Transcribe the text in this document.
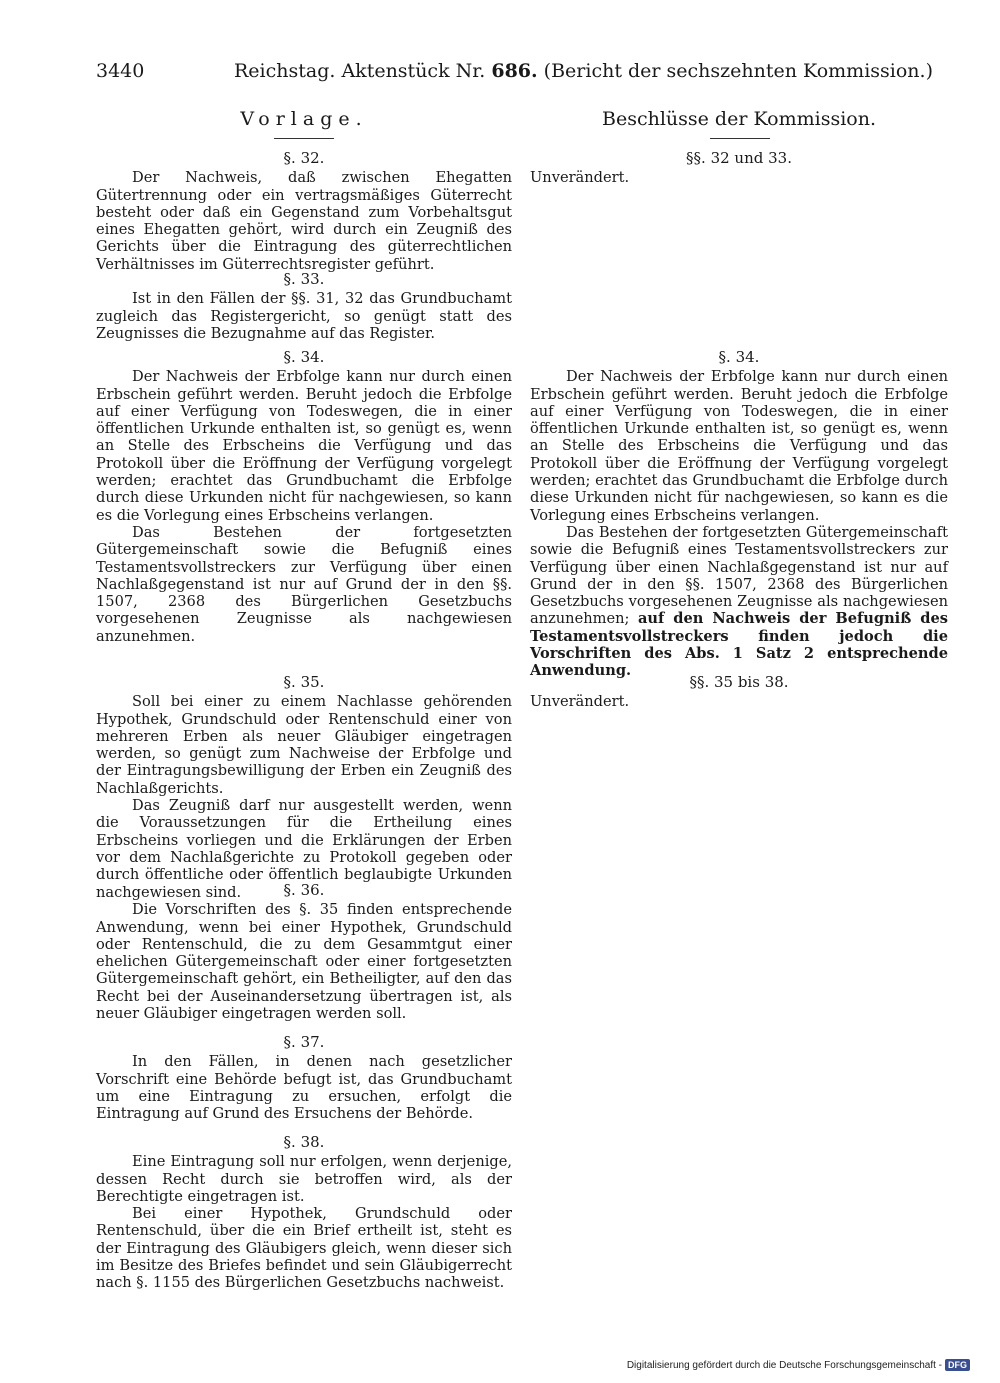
3440	Reichstag. Aktenstück Nr. 686. (Bericht der sechszehnten Kommission.)
Vorlage.	Beschlüsse der Kommission.
§. 32.

Der Nachweis, daß zwischen Ehegatten Gütertrennung oder ein vertragsmäßiges Güterrecht besteht oder daß ein Gegenstand zum Vorbehaltsgut eines Ehegatten gehört, wird durch ein Zeugniß des Gerichts über die Eintragung des güterrechtlichen Verhältnisses im Güterrechtsregister geführt.

§. 33.

Ist in den Fällen der §§. 31, 32 das Grundbuchamt zugleich das Registergericht, so genügt statt des Zeugnisses die Bezugnahme auf das Register.

§. 34.

Der Nachweis der Erbfolge kann nur durch einen Erbschein geführt werden. Beruht jedoch die Erbfolge auf einer Verfügung von Todeswegen, die in einer öffentlichen Urkunde enthalten ist, so genügt es, wenn an Stelle des Erbscheins die Verfügung und das Protokoll über die Eröffnung der Verfügung vorgelegt werden; erachtet das Grundbuchamt die Erbfolge durch diese Urkunden nicht für nachgewiesen, so kann es die Vorlegung eines Erbscheins verlangen.

Das Bestehen der fortgesetzten Gütergemeinschaft sowie die Befugniß eines Testamentsvollstreckers zur Verfügung über einen Nachlaßgegenstand ist nur auf Grund der in den §§. 1507, 2368 des Bürgerlichen Gesetzbuchs vorgesehenen Zeugnisse als nachgewiesen anzunehmen.

§. 35.

Soll bei einer zu einem Nachlasse gehörenden Hypothek, Grundschuld oder Rentenschuld einer von mehreren Erben als neuer Gläubiger eingetragen werden, so genügt zum Nachweise der Erbfolge und der Eintragungsbewilligung der Erben ein Zeugniß des Nachlaßgerichts.

Das Zeugniß darf nur ausgestellt werden, wenn die Voraussetzungen für die Ertheilung eines Erbscheins vorliegen und die Erklärungen der Erben vor dem Nachlaßgerichte zu Protokoll gegeben oder durch öffentliche oder öffentlich beglaubigte Urkunden nachgewiesen sind.	§. 36.

Die Vorschriften des §. 35 finden entsprechende Anwendung, wenn bei einer Hypothek, Grundschuld oder Rentenschuld, die zu dem Gesammtgut einer ehelichen Gütergemeinschaft oder einer fortgesetzten Gütergemeinschaft gehört, ein Betheiligter, auf den das Recht bei der Auseinandersetzung übertragen ist, als neuer Gläubiger eingetragen werden soll.

§. 37.

In den Fällen, in denen nach gesetzlicher Vorschrift eine Behörde befugt ist, das Grundbuchamt um eine Eintragung zu ersuchen, erfolgt die Eintragung auf Grund des Ersuchens der Behörde.

§. 38.

Eine Eintragung soll nur erfolgen, wenn derjenige, dessen Recht durch sie betroffen wird, als der Berechtigte eingetragen ist.

Bei einer Hypothek, Grundschuld oder Rentenschuld, über die ein Brief ertheilt ist, steht es der Eintragung des Gläubigers gleich, wenn dieser sich im Besitze des Briefes befindet und sein Gläubigerrecht nach §. 1155 des Bürgerlichen Gesetzbuchs nachweist.

§§. 32 und 33.

Unverändert.

§. 34.

Der Nachweis der Erbfolge kann nur durch einen Erbschein geführt werden. Beruht jedoch die Erbfolge auf einer Verfügung von Todeswegen, die in einer öffentlichen Urkunde enthalten ist, so genügt es, wenn an Stelle des Erbscheins die Verfügung und das Protokoll über die Eröffnung der Verfügung vorgelegt werden; erachtet das Grundbuchamt die Erbfolge durch diese Urkunden nicht für nachgewiesen, so kann es die Vorlegung eines Erbscheins verlangen.

Das Bestehen der fortgesetzten Gütergemeinschaft sowie die Befugniß eines Testamentsvollstreckers zur Verfügung über einen Nachlaßgegenstand ist nur auf Grund der in den §§. 1507, 2368 des Bürgerlichen Gesetzbuchs vorgesehenen Zeugnisse als nachgewiesen anzunehmen; auf den Nachweis der Befugniß des Testamentsvollstreckers finden jedoch die Vorschriften des Abs. 1 Satz 2 entsprechende Anwendung.

§§. 35 bis 38.

Unverändert.

Digitalisierung gefördert durch die Deutsche Forschungsgemeinschaft - DFG
